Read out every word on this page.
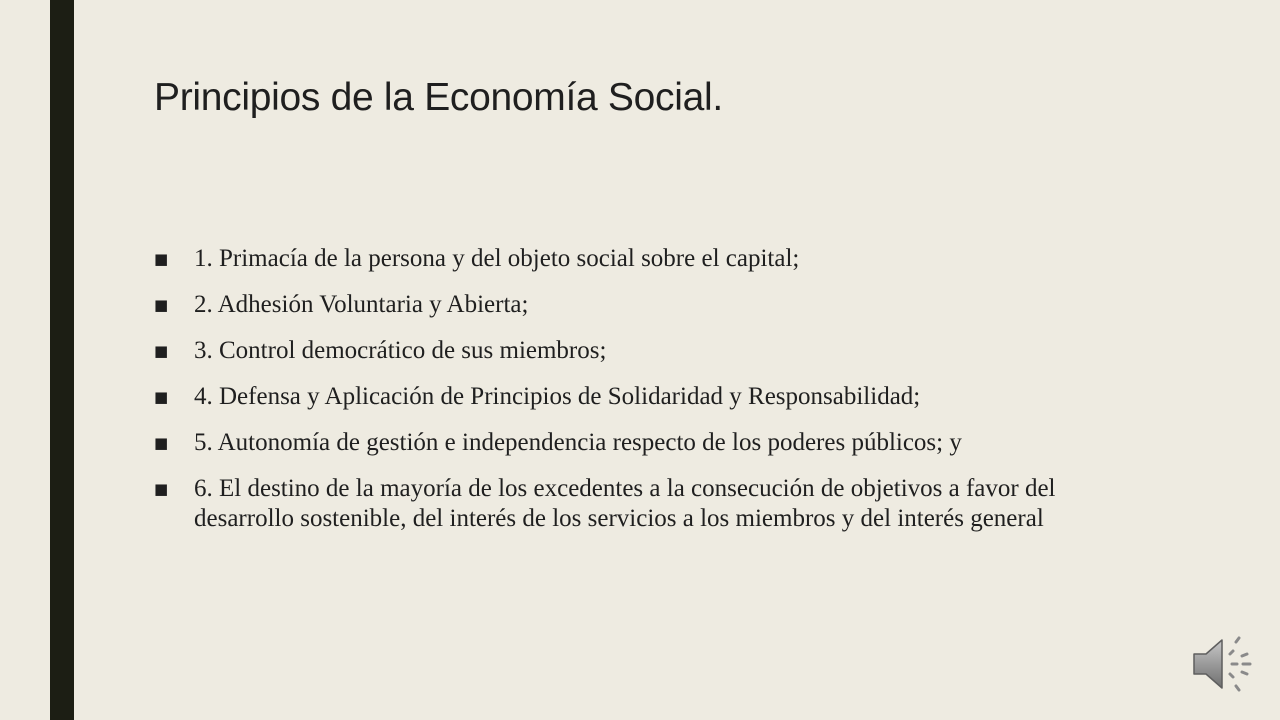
Principios de la Economía Social.
■	1. Primacía de la persona y del objeto social sobre el capital;
■	2. Adhesión Voluntaria y Abierta;
■	3. Control democrático de sus miembros;
■	4. Defensa y Aplicación de Principios de Solidaridad y Responsabilidad;
■	5. Autonomía de gestión e independencia respecto de los poderes públicos; y
■	6. El destino de la mayoría de los excedentes a la consecución de objetivos a favor del desarrollo sostenible, del interés de los servicios a los miembros y del interés general
